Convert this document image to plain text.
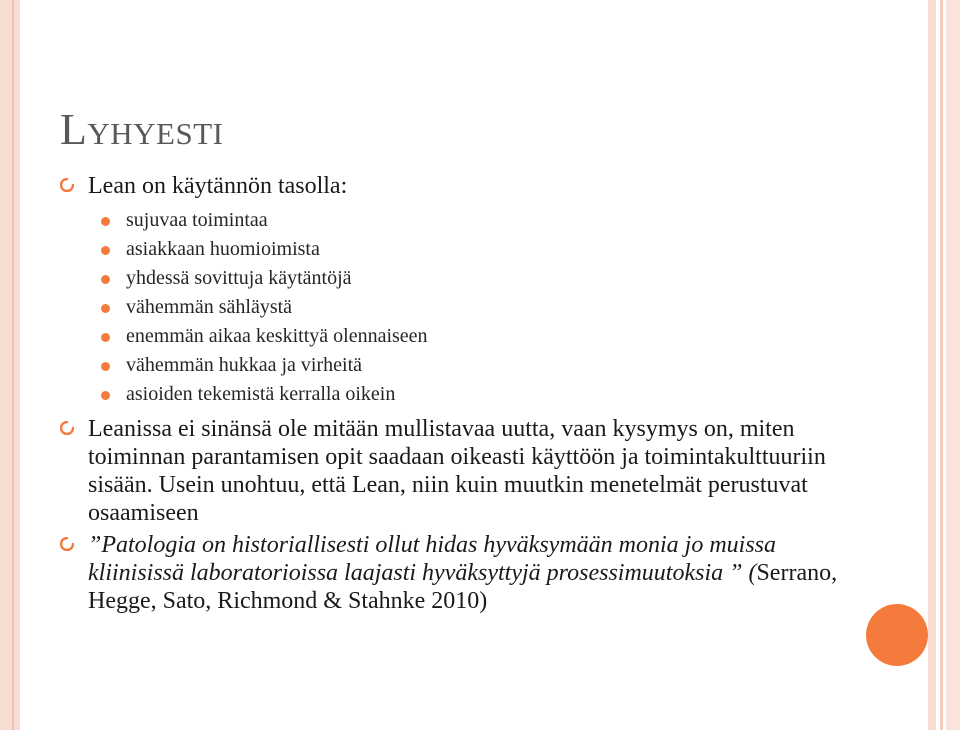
Lyhyesti
Lean on käytännön tasolla:
sujuvaa toimintaa
asiakkaan huomioimista
yhdessä sovittuja käytäntöjä
vähemmän sähläystä
enemmän aikaa keskittyä olennaiseen
vähemmän hukkaa ja virheitä
asioiden tekemistä kerralla oikein
Leanissa ei sinänsä ole mitään mullistavaa uutta, vaan kysymys on, miten toiminnan parantamisen opit saadaan oikeasti käyttöön ja toimintakulttuuriin sisään. Usein unohtuu, että Lean, niin kuin muutkin menetelmät perustuvat osaamiseen
”Patologia on historiallisesti ollut hidas hyväksymään monia jo muissa kliinisissä laboratorioissa laajasti hyväksyttyjä prosessimuutoksia ” (Serrano, Hegge, Sato, Richmond & Stahnke 2010)
